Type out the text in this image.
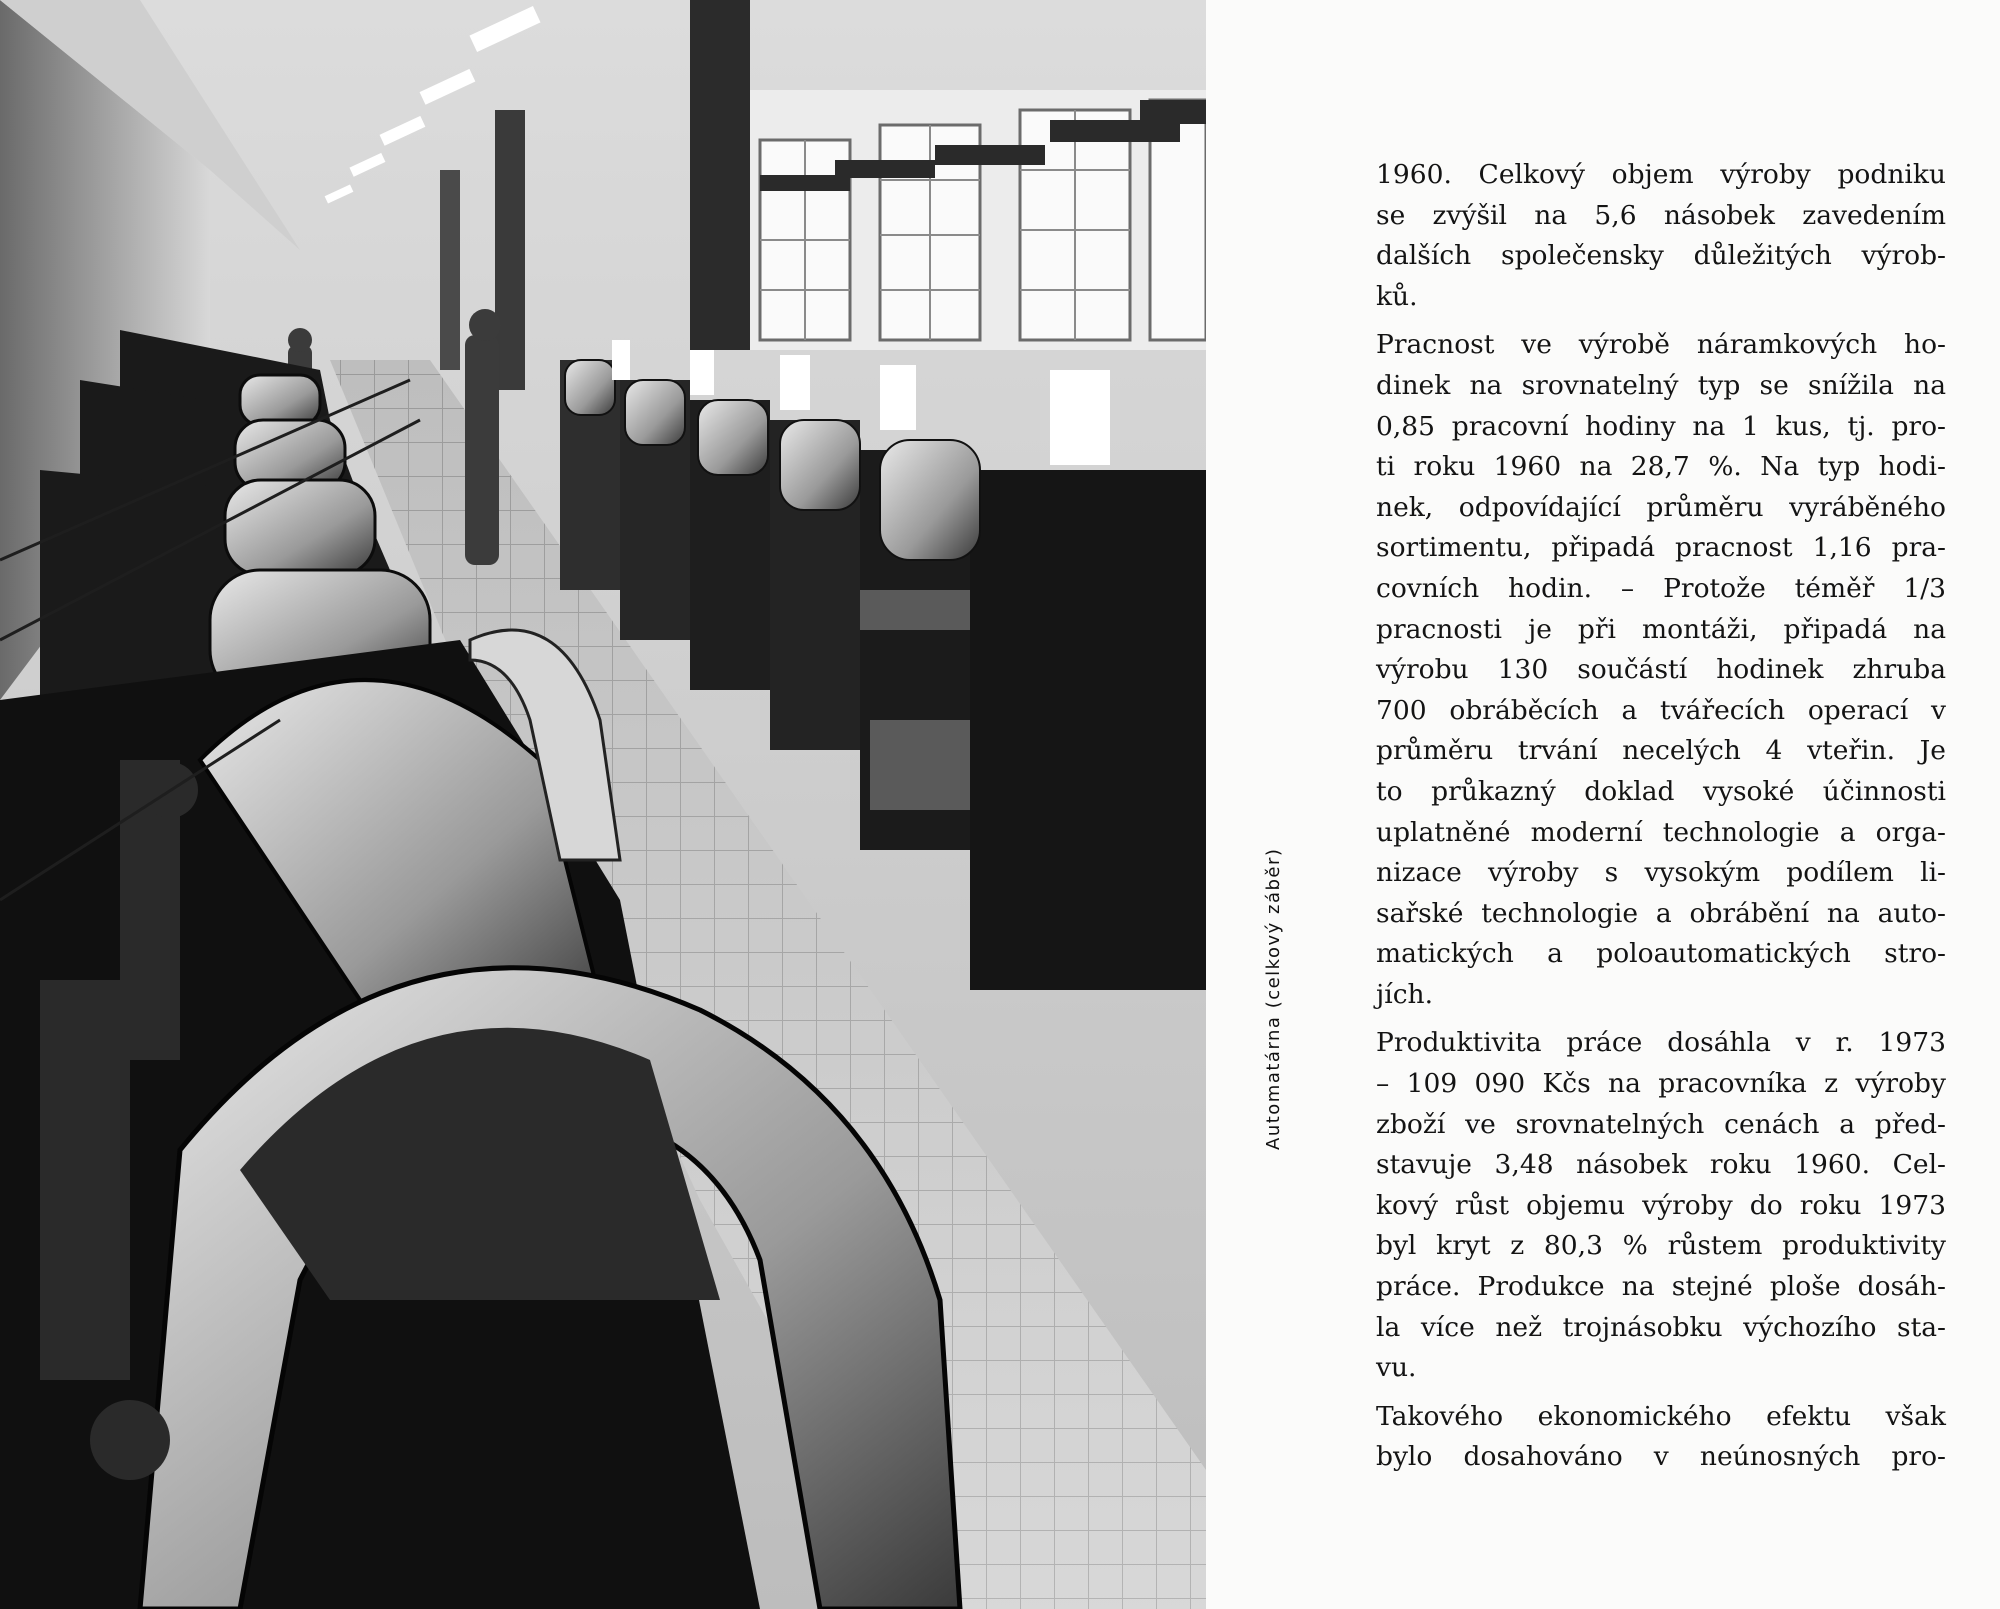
Automatárna (celkový záběr)
1960. Celkový objem výroby podniku
se zvýšil na 5,6 násobek zavedením
dalších společensky důležitých výrob-
ků.
Pracnost ve výrobě náramkových ho-
dinek na srovnatelný typ se snížila na
0,85 pracovní hodiny na 1 kus, tj. pro-
ti roku 1960 na 28,7 %. Na typ hodi-
nek, odpovídající průměru vyráběného
sortimentu, připadá pracnost 1,16 pra-
covních hodin. – Protože téměř 1/3
pracnosti je při montáži, připadá na
výrobu 130 součástí hodinek zhruba
700 obráběcích a tvářecích operací v
průměru trvání necelých 4 vteřin. Je
to průkazný doklad vysoké účinnosti
uplatněné moderní technologie a orga-
nizace výroby s vysokým podílem li-
sařské technologie a obrábění na auto-
matických a poloautomatických stro-
jích.
Produktivita práce dosáhla v r. 1973
– 109 090 Kčs na pracovníka z výroby
zboží ve srovnatelných cenách a před-
stavuje 3,48 násobek roku 1960. Cel-
kový růst objemu výroby do roku 1973
byl kryt z 80,3 % růstem produktivity
práce. Produkce na stejné ploše dosáh-
la více než trojnásobku výchozího sta-
vu.
Takového ekonomického efektu však
bylo dosahováno v neúnosných pro-
